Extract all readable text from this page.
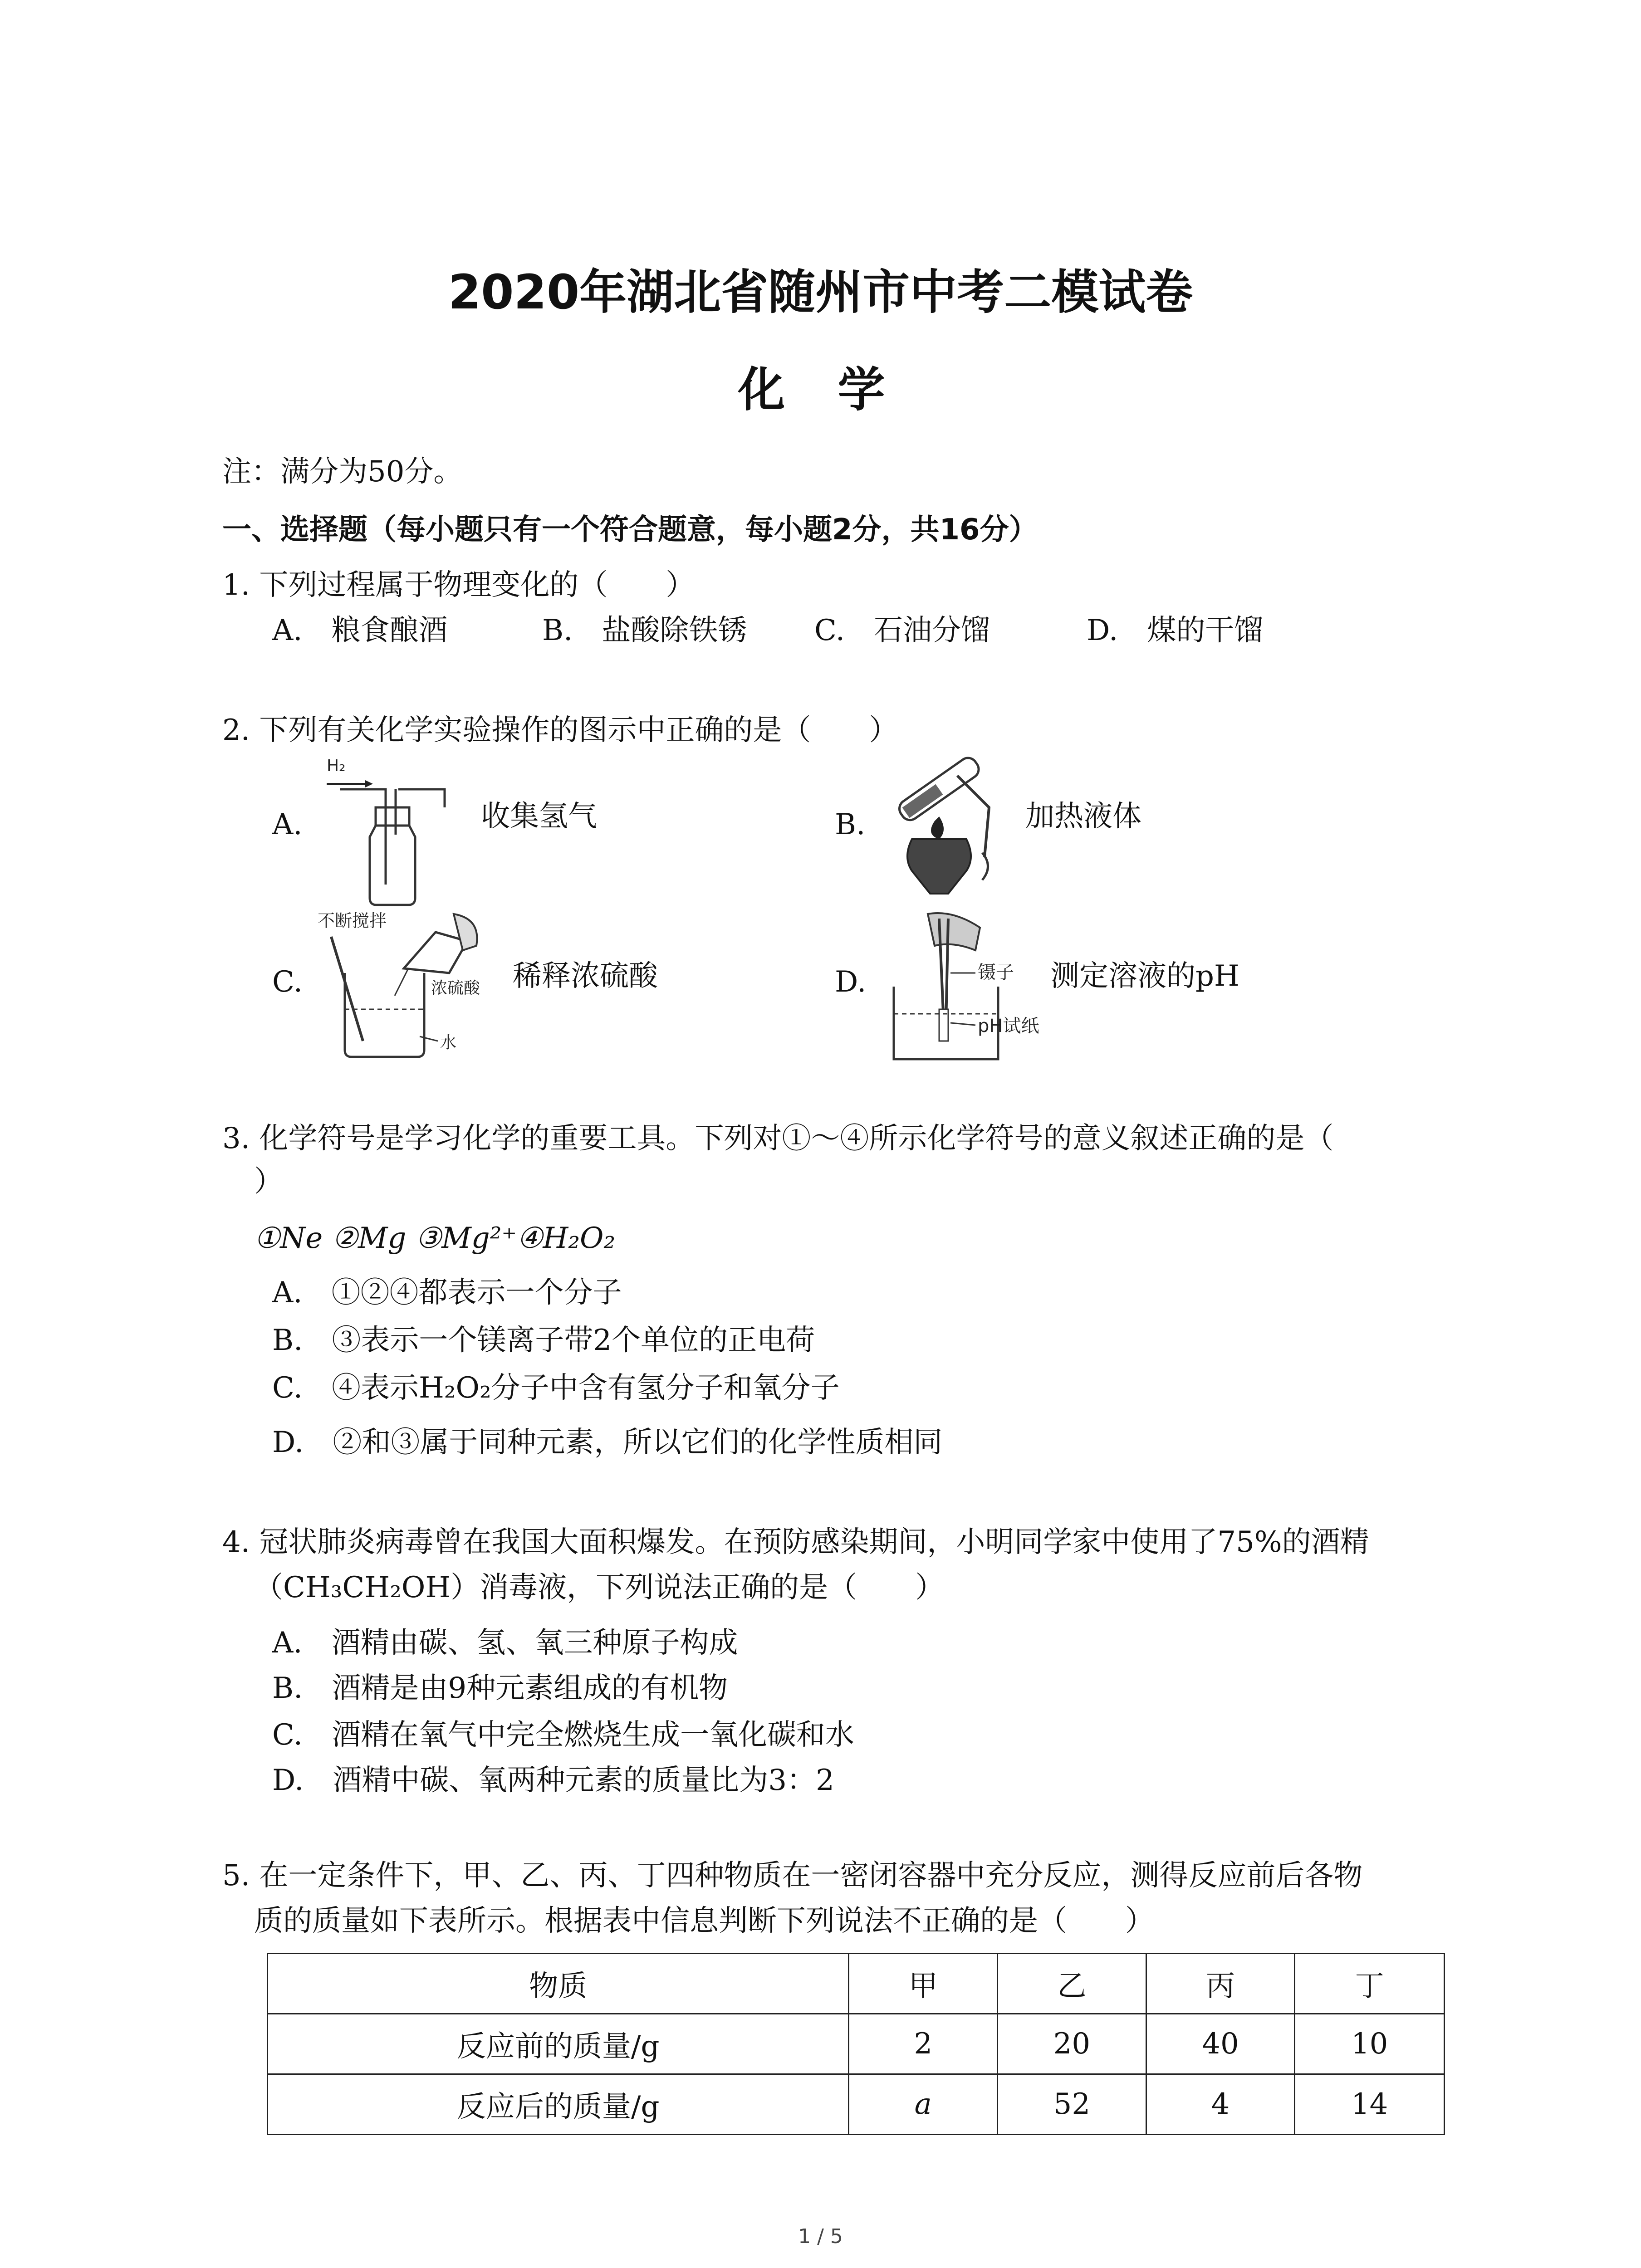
2020年湖北省随州市中考二模试卷
化 学
注：满分为50分。
一、选择题（每小题只有一个符合题意，每小题2分，共16分）
1. 下列过程属于物理变化的（　　）
A.　粮食酿酒	B.　盐酸除铁锈 C.　石油分馏	D.　煤的干馏
2. 下列有关化学实验操作的图示中正确的是（　　）
A.
H₂
收集氢气	B.	加热液体
C.
不断搅拌
浓硫酸
水
稀释浓硫酸	D.	镊子
pH试纸
测定溶液的pH
3. 化学符号是学习化学的重要工具。下列对①～④所示化学符号的意义叙述正确的是（
）
①Ne ②Mg ③Mg²⁺④H₂O₂
A.　①②④都表示一个分子
B.　③表示一个镁离子带2个单位的正电荷
C.　④表示H₂O₂分子中含有氢分子和氧分子
D.　②和③属于同种元素，所以它们的化学性质相同
4. 冠状肺炎病毒曾在我国大面积爆发。在预防感染期间，小明同学家中使用了75%的酒精
（CH₃CH₂OH）消毒液，下列说法正确的是（　　）
A.　酒精由碳、氢、氧三种原子构成
B.　酒精是由9种元素组成的有机物
C.　酒精在氧气中完全燃烧生成一氧化碳和水
D.　酒精中碳、氧两种元素的质量比为3：2
5. 在一定条件下，甲、乙、丙、丁四种物质在一密闭容器中充分反应，测得反应前后各物
质的质量如下表所示。根据表中信息判断下列说法不正确的是（　　）
物质	甲	乙	丙	丁
反应前的质量/g	2	20	40	10
反应后的质量/g	a	52	4	14
1 / 5
